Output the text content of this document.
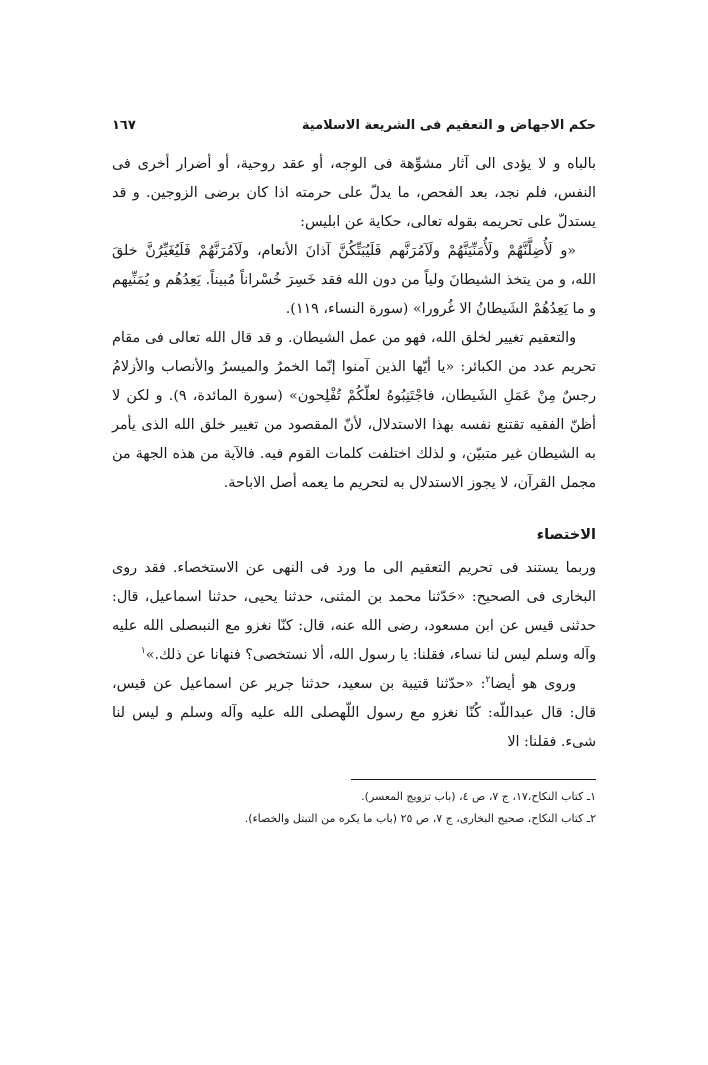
حكم الاجهاض و التعقيم فى الشريعة الاسلامية
١٦٧

بالباه و لا يؤدى الى آثار مشوِّهة فى الوجه، أو عقد روحية، أو أضرار أخرى فى النفس، فلم نجد، بعد الفحص، ما يدلّ على حرمته اذا كان برضى الزوجين. و قد يستدلّ على تحريمه بقوله تعالى، حكاية عن ابليس:

«و لَأُضِلَّنَّهُمْ ولَأُمَنِّيَنَّهُمْ ولَآمُرَنَّهم فَلَيُبَتِّكُنَّ آذانَ الأنعام، ولَآمُرَنَّهُمْ فَلَيُغَيِّرُنَّ خلقَ الله، و من يتخذ الشيطانَ ولياً من دون الله فقد خَسِرَ خُسْراناً مُبيناً. يَعِدُهُم و يُمَنِّيهم و ما يَعِدُهُمْ الشَيطانُ الا غُرورا» (سورة النساء، ١١٩).

والتعقيم تغيير لخلق الله، فهو من عمل الشيطان. و قد قال الله تعالى فى مقام تحريم عدد من الكبائر: «يا أيّها الذين آمنوا إنّما الخمرُ والميسرُ والأنصاب والأزلامُ رجسٌ مِنْ عَمَلِ الشَيطان، فاجْتَنِبُوهُ لعلّكُمْ تُفْلِحون» (سورة المائدة، ٩). و لكن لا أظنّ الفقيه تقتنع نفسه بهذا الاستدلال، لأنّ المقصود من تغيير خلق الله الذى يأمر به الشيطان غير متبيّن، و لذلك اختلفت كلمات القوم فيه. فالآية من هذه الجهة من مجمل القرآن، لا يجوز الاستدلال به لتحريم ما يعمه أصل الاباحة.

الاختصاء

وربما يستند فى تحريم التعقيم الى ما ورد فى النهى عن الاستخصاء. فقد روى البخارى فى الصحيح: «حَدّثنا محمد بن المثنى، حدثنا يحيى، حدثنا اسماعيل، قال: حدثنى قيس عن ابن مسعود، رضى الله عنه، قال: كنّا نغزو مع النبىصلى الله عليه وآله وسلم ليس لنا نساء، فقلنا: يا رسول الله، ألا نستخصى؟ فنهانا عن ذلك.»$^١$

وروى هو أيضا$^٢$: «حدّثنا قتيبة بن سعيد، حدثنا جرير عن اسماعيل عن قيس، قال: قال عبداللّه: كُنّا نغزو مع رسول اللّهصلى الله عليه وآله وسلم و ليس لنا شىء. فقلنا: الا

١ـ كتاب النكاح،١٧، ج ٧، ص ٤، (باب تزويج المعسر).

٢ـ كتاب النكاح، صحيح البخارى، ج ٧، ص ٢٥ (باب ما يكره من التبتل والخصاء).
